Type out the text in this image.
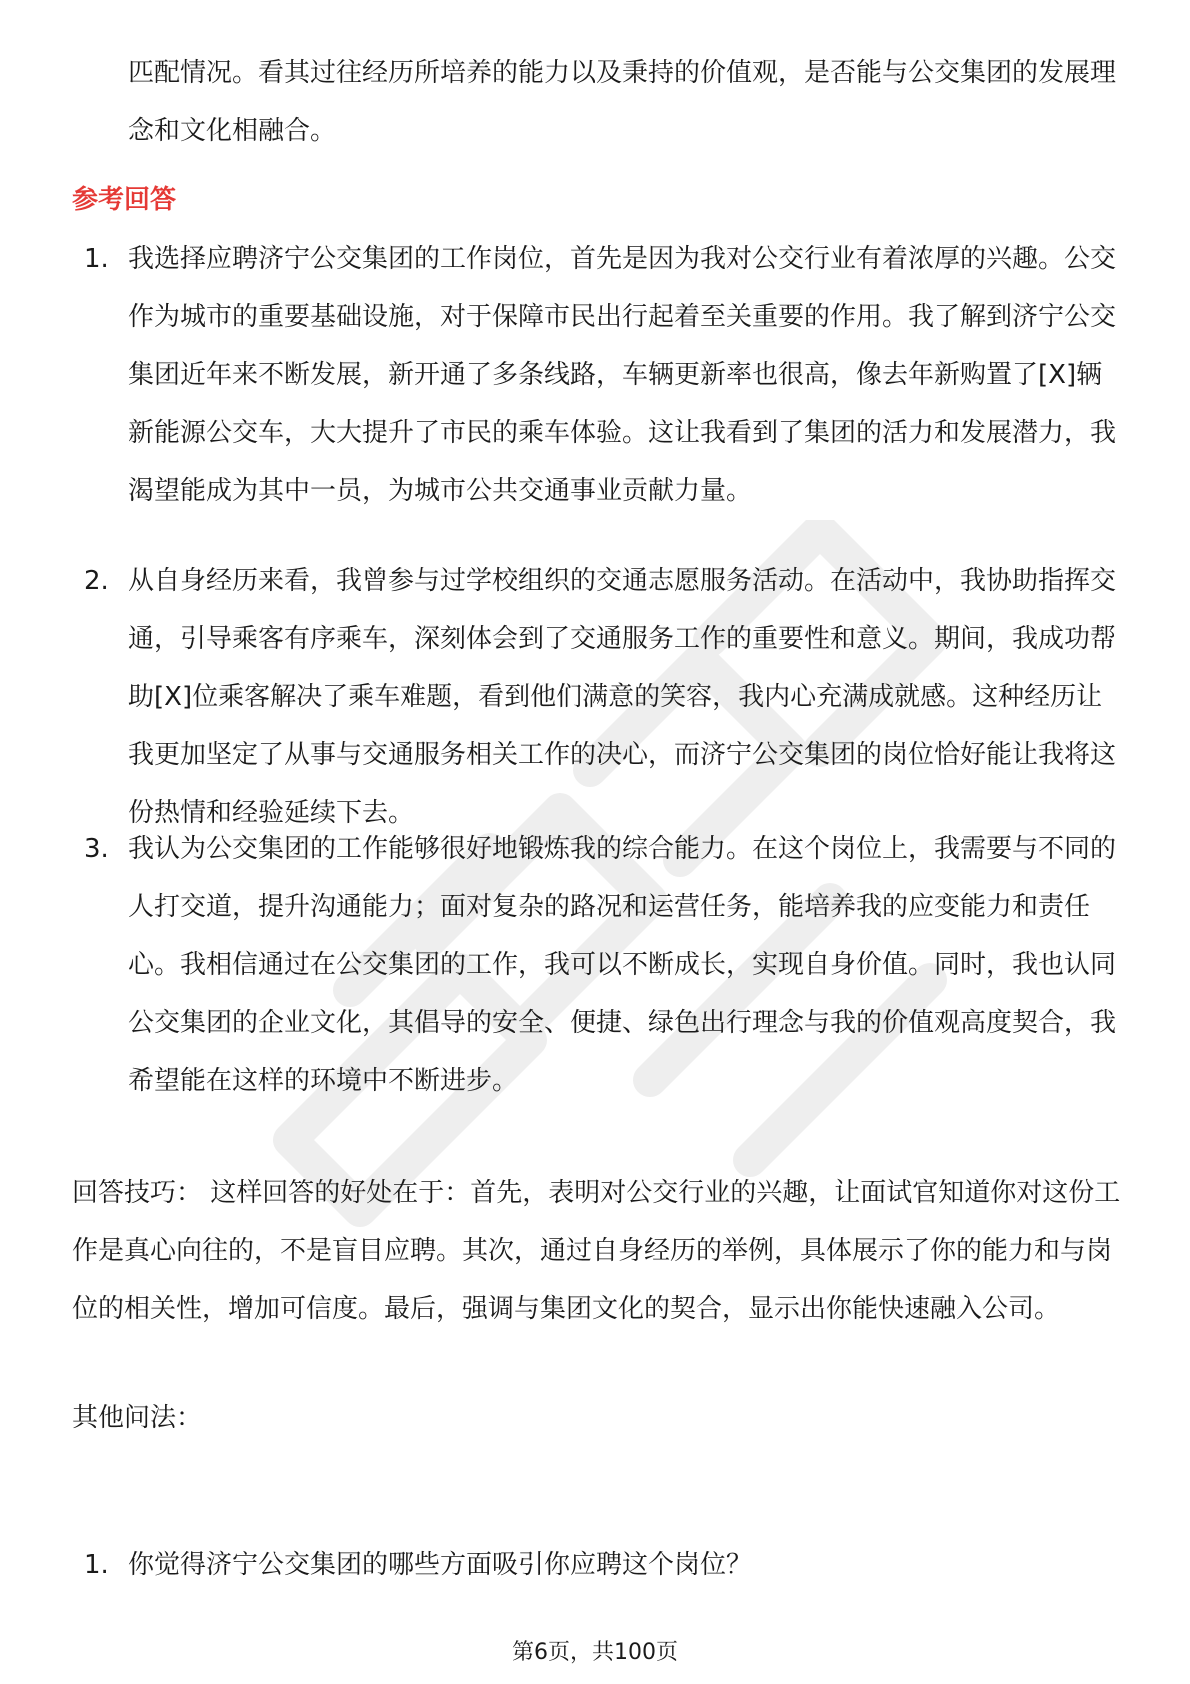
匹配情况。看其过往经历所培养的能力以及秉持的价值观，是否能与公交集团的发展理念和文化相融合。

参考回答
1. 我选择应聘济宁公交集团的工作岗位，首先是因为我对公交行业有着浓厚的兴趣。公交作为城市的重要基础设施，对于保障市民出行起着至关重要的作用。我了解到济宁公交集团近年来不断发展，新开通了多条线路，车辆更新率也很高，像去年新购置了[X]辆新能源公交车，大大提升了市民的乘车体验。这让我看到了集团的活力和发展潜力，我渴望能成为其中一员，为城市公共交通事业贡献力量。

2. 从自身经历来看，我曾参与过学校组织的交通志愿服务活动。在活动中，我协助指挥交通，引导乘客有序乘车，深刻体会到了交通服务工作的重要性和意义。期间，我成功帮助[X]位乘客解决了乘车难题，看到他们满意的笑容，我内心充满成就感。这种经历让我更加坚定了从事与交通服务相关工作的决心，而济宁公交集团的岗位恰好能让我将这份热情和经验延续下去。

3. 我认为公交集团的工作能够很好地锻炼我的综合能力。在这个岗位上，我需要与不同的人打交道，提升沟通能力；面对复杂的路况和运营任务，能培养我的应变能力和责任心。我相信通过在公交集团的工作，我可以不断成长，实现自身价值。同时，我也认同公交集团的企业文化，其倡导的安全、便捷、绿色出行理念与我的价值观高度契合，我希望能在这样的环境中不断进步。

回答技巧： 这样回答的好处在于：首先，表明对公交行业的兴趣，让面试官知道你对这份工作是真心向往的，不是盲目应聘。其次，通过自身经历的举例，具体展示了你的能力和与岗位的相关性，增加可信度。最后，强调与集团文化的契合，显示出你能快速融入公司。

其他问法：

1. 你觉得济宁公交集团的哪些方面吸引你应聘这个岗位？

第6页，共100页
